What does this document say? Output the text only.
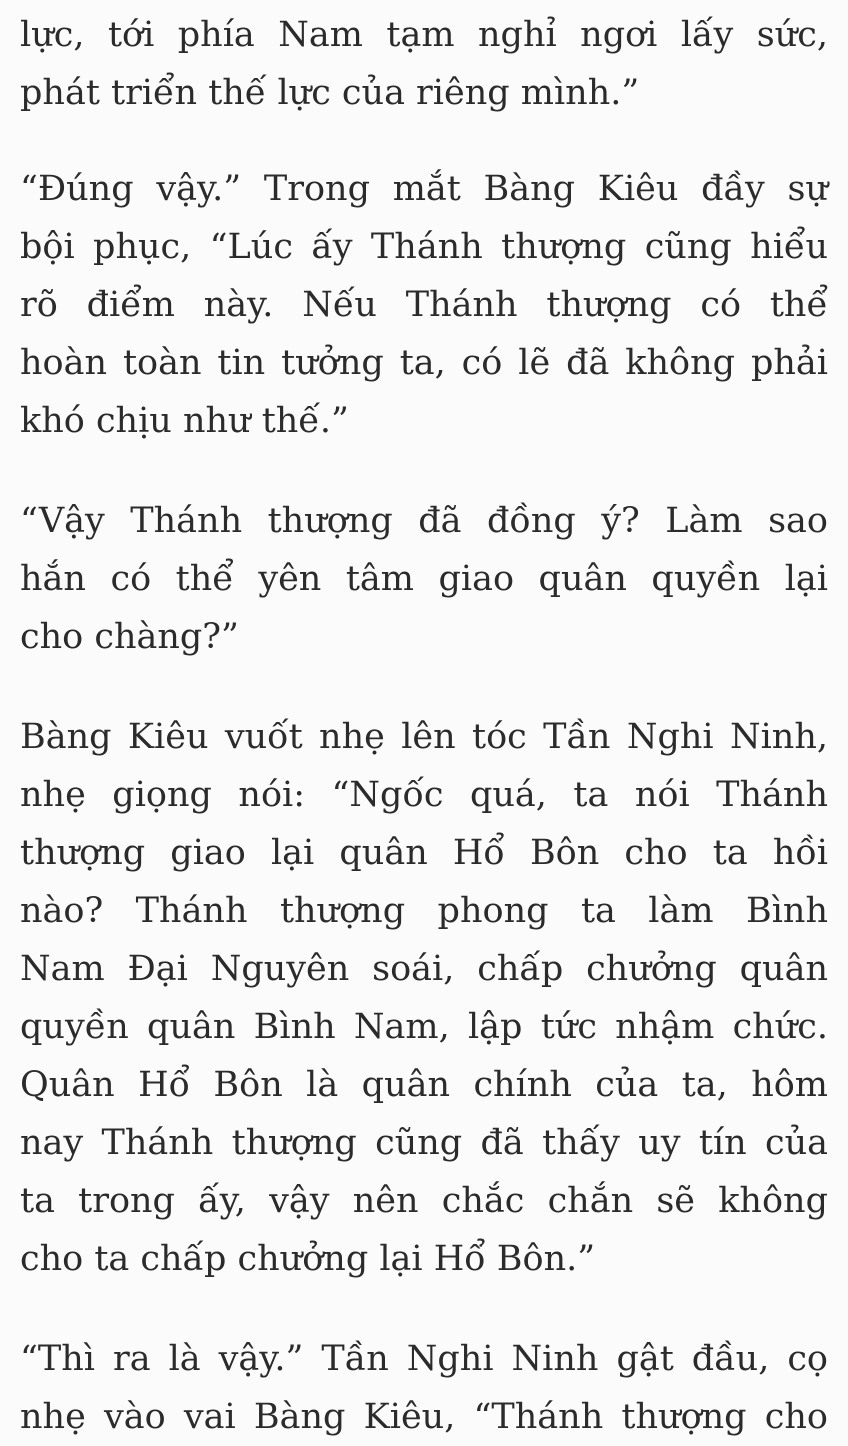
lực, tới phía Nam tạm nghỉ ngơi lấy sức,
phát triển thế lực của riêng mình.”
“Đúng vậy.” Trong mắt Bàng Kiêu đầy sự
bội phục, “Lúc ấy Thánh thượng cũng hiểu
rõ điểm này. Nếu Thánh thượng có thể
hoàn toàn tin tưởng ta, có lẽ đã không phải
khó chịu như thế.”
“Vậy Thánh thượng đã đồng ý? Làm sao
hắn có thể yên tâm giao quân quyền lại
cho chàng?”
Bàng Kiêu vuốt nhẹ lên tóc Tần Nghi Ninh,
nhẹ giọng nói: “Ngốc quá, ta nói Thánh
thượng giao lại quân Hổ Bôn cho ta hồi
nào? Thánh thượng phong ta làm Bình
Nam Đại Nguyên soái, chấp chưởng quân
quyền quân Bình Nam, lập tức nhậm chức.
Quân Hổ Bôn là quân chính của ta, hôm
nay Thánh thượng cũng đã thấy uy tín của
ta trong ấy, vậy nên chắc chắn sẽ không
cho ta chấp chưởng lại Hổ Bôn.”
“Thì ra là vậy.” Tần Nghi Ninh gật đầu, cọ
nhẹ vào vai Bàng Kiêu, “Thánh thượng cho
